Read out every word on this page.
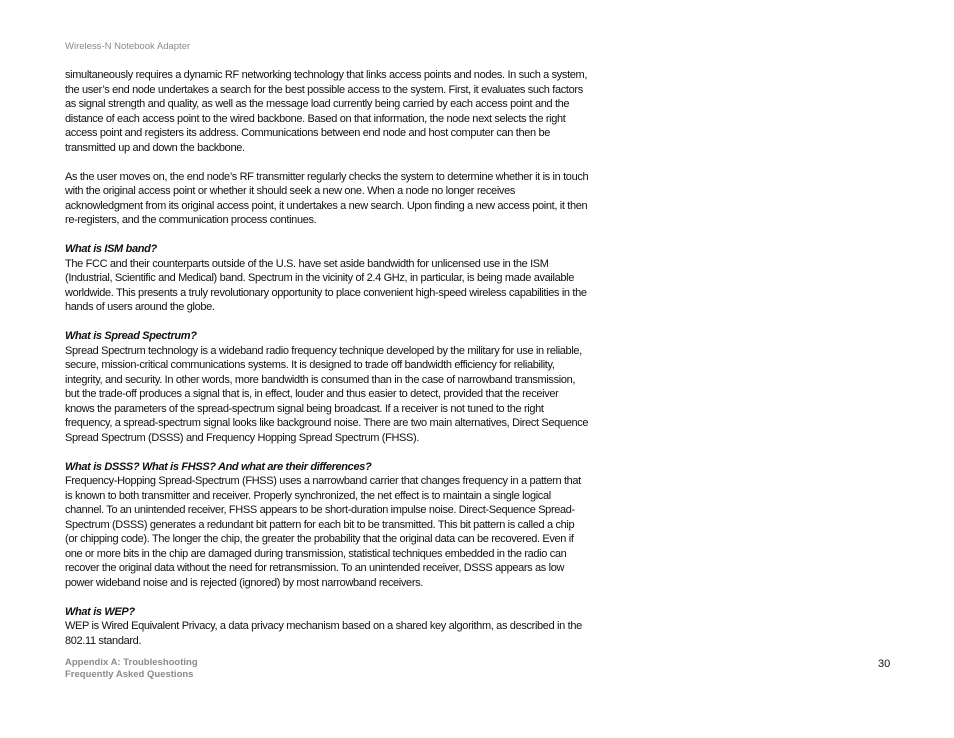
Wireless-N Notebook Adapter

simultaneously requires a dynamic RF networking technology that links access points and nodes. In such a system, the user’s end node undertakes a search for the best possible access to the system. First, it evaluates such factors as signal strength and quality, as well as the message load currently being carried by each access point and the distance of each access point to the wired backbone. Based on that information, the node next selects the right access point and registers its address. Communications between end node and host computer can then be transmitted up and down the backbone.

As the user moves on, the end node’s RF transmitter regularly checks the system to determine whether it is in touch with the original access point or whether it should seek a new one. When a node no longer receives acknowledgment from its original access point, it undertakes a new search. Upon finding a new access point, it then re-registers, and the communication process continues.

What is ISM band?

The FCC and their counterparts outside of the U.S. have set aside bandwidth for unlicensed use in the ISM (Industrial, Scientific and Medical) band. Spectrum in the vicinity of 2.4 GHz, in particular, is being made available worldwide. This presents a truly revolutionary opportunity to place convenient high-speed wireless capabilities in the hands of users around the globe.

What is Spread Spectrum?

Spread Spectrum technology is a wideband radio frequency technique developed by the military for use in reliable, secure, mission-critical communications systems. It is designed to trade off bandwidth efficiency for reliability, integrity, and security. In other words, more bandwidth is consumed than in the case of narrowband transmission, but the trade-off produces a signal that is, in effect, louder and thus easier to detect, provided that the receiver knows the parameters of the spread-spectrum signal being broadcast. If a receiver is not tuned to the right frequency, a spread-spectrum signal looks like background noise. There are two main alternatives, Direct Sequence Spread Spectrum (DSSS) and Frequency Hopping Spread Spectrum (FHSS).

What is DSSS? What is FHSS? And what are their differences?

Frequency-Hopping Spread-Spectrum (FHSS) uses a narrowband carrier that changes frequency in a pattern that is known to both transmitter and receiver. Properly synchronized, the net effect is to maintain a single logical channel. To an unintended receiver, FHSS appears to be short-duration impulse noise. Direct-Sequence Spread-Spectrum (DSSS) generates a redundant bit pattern for each bit to be transmitted. This bit pattern is called a chip (or chipping code). The longer the chip, the greater the probability that the original data can be recovered. Even if one or more bits in the chip are damaged during transmission, statistical techniques embedded in the radio can recover the original data without the need for retransmission. To an unintended receiver, DSSS appears as low power wideband noise and is rejected (ignored) by most narrowband receivers.

What is WEP?

WEP is Wired Equivalent Privacy, a data privacy mechanism based on a shared key algorithm, as described in the 802.11 standard.

Appendix A: Troubleshooting
Frequently Asked Questions
30
